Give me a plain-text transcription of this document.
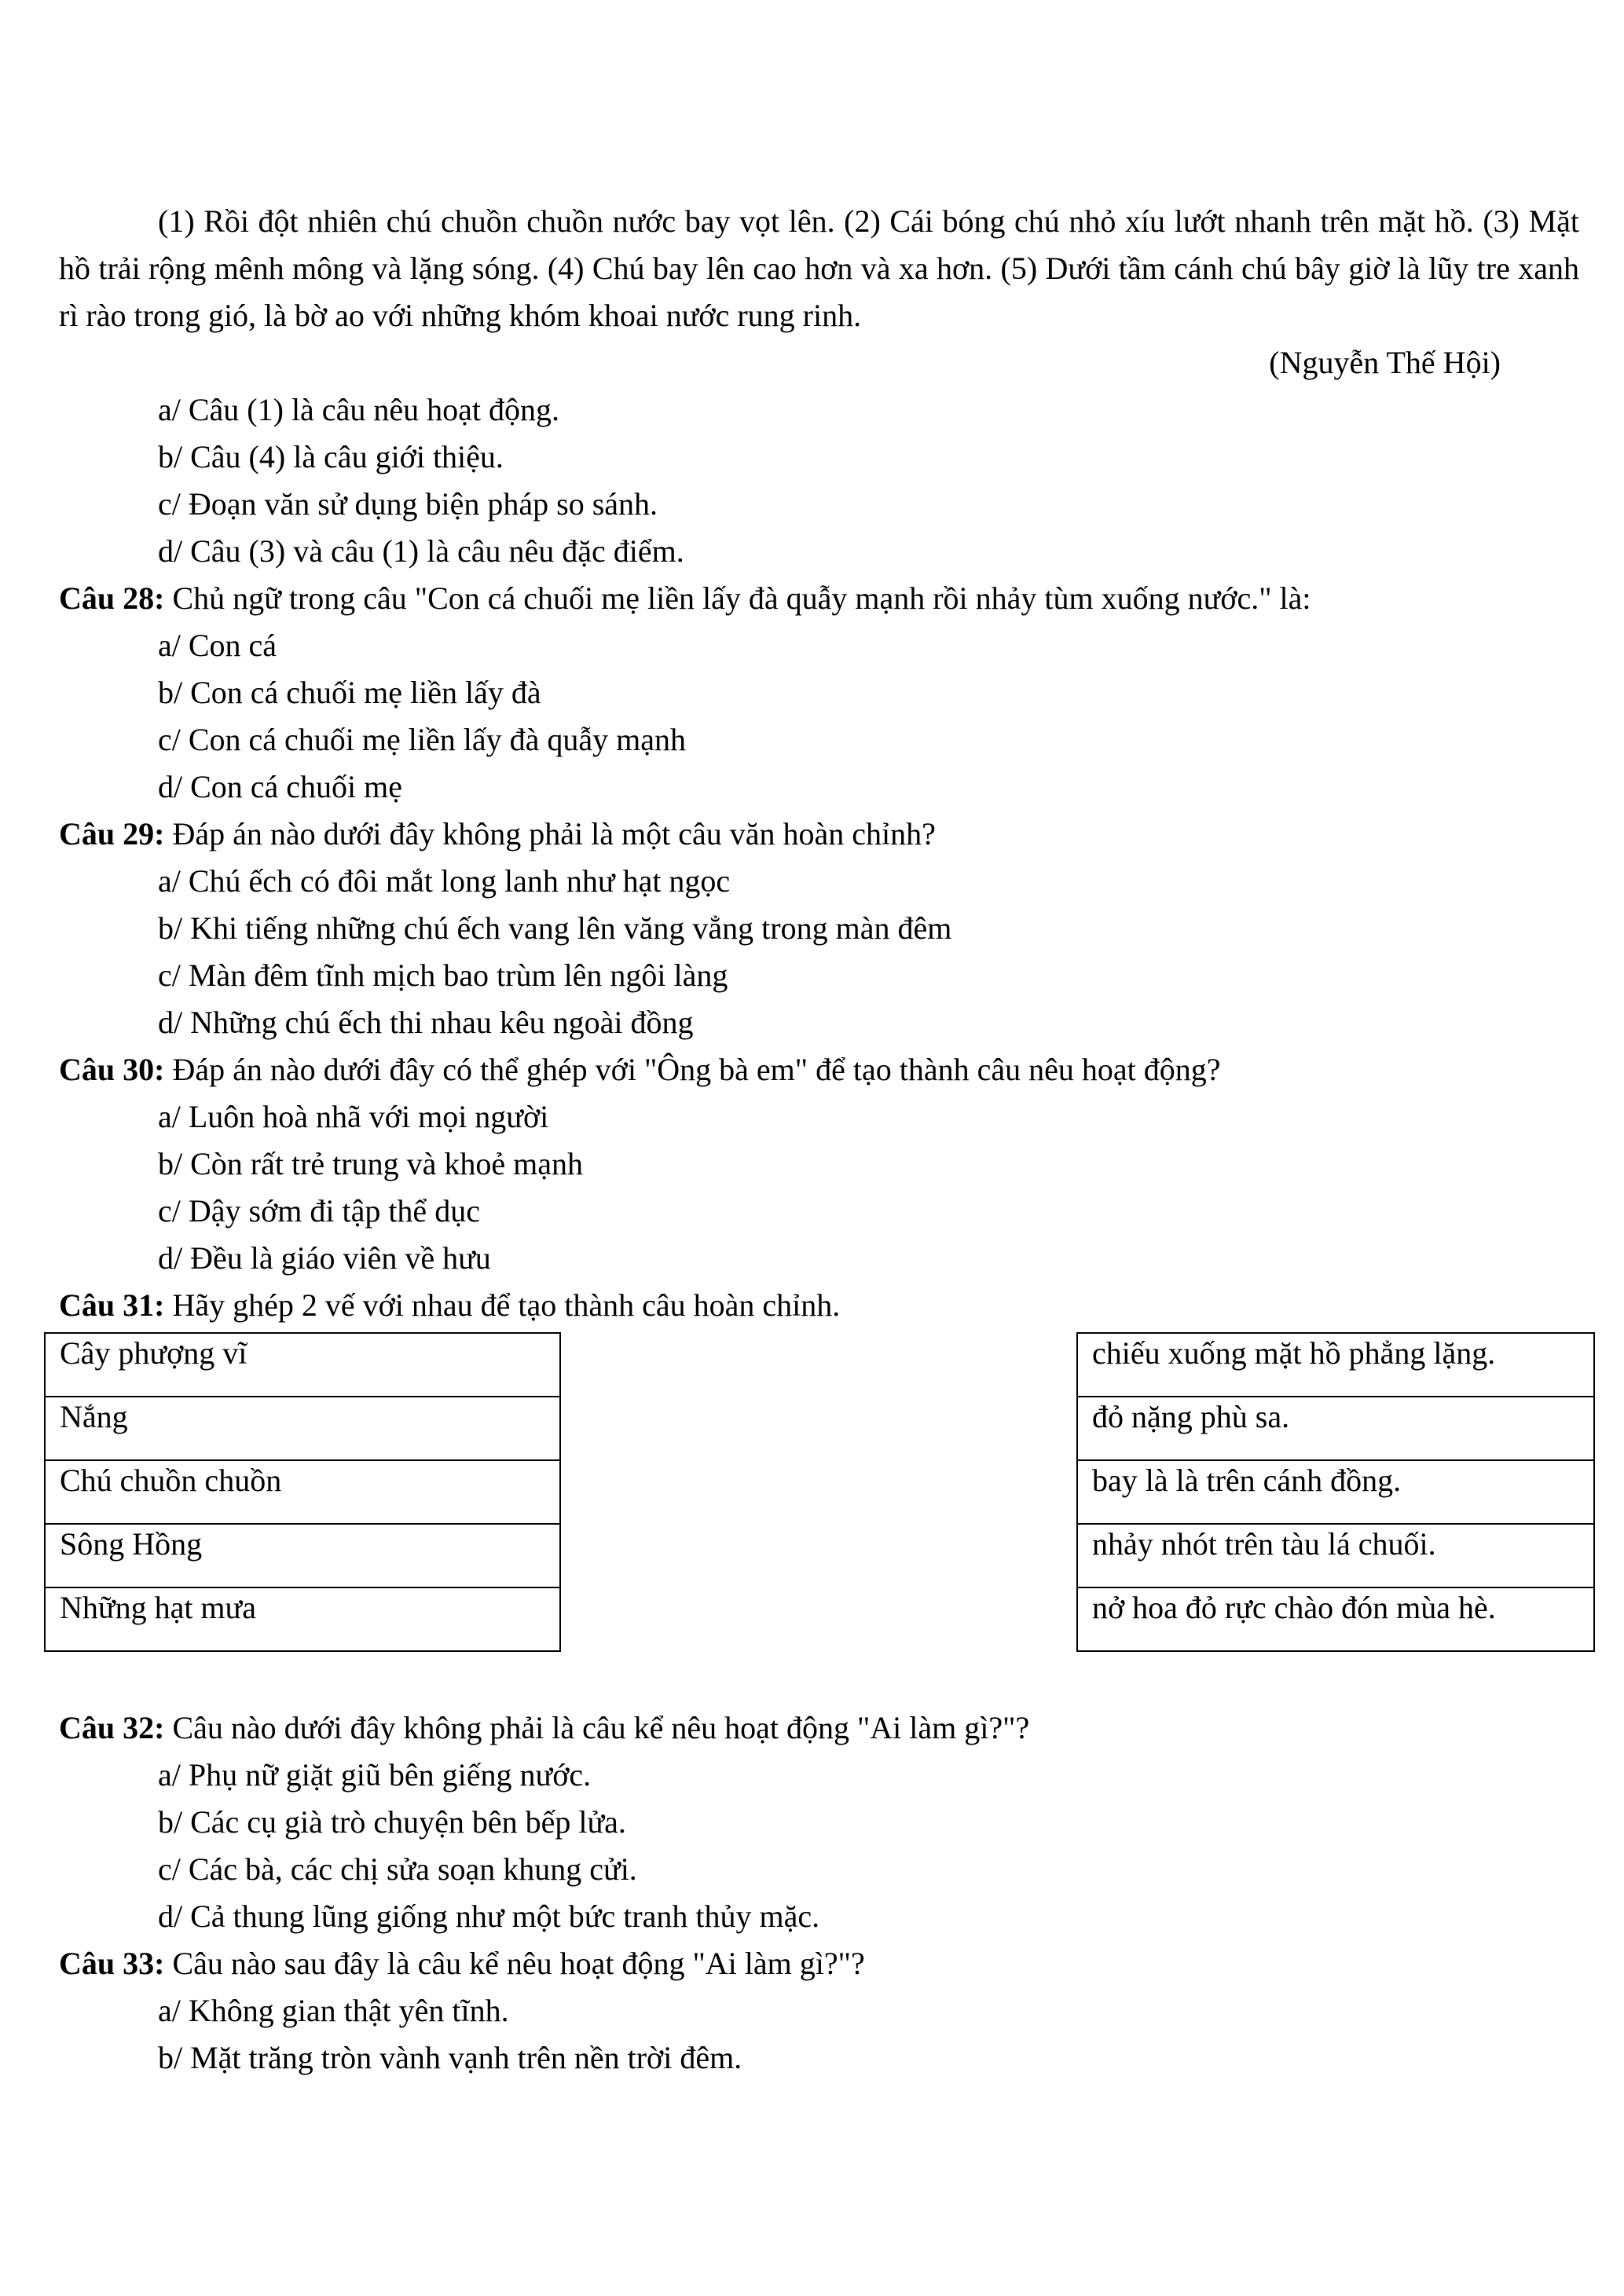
(1) Rồi đột nhiên chú chuồn chuồn nước bay vọt lên. (2) Cái bóng chú nhỏ xíu lướt nhanh trên mặt hồ. (3) Mặt hồ trải rộng mênh mông và lặng sóng. (4) Chú bay lên cao hơn và xa hơn. (5) Dưới tầm cánh chú bây giờ là lũy tre xanh rì rào trong gió, là bờ ao với những khóm khoai nước rung rinh.
(Nguyễn Thế Hội)
a/ Câu (1) là câu nêu hoạt động.
b/ Câu (4) là câu giới thiệu.
c/ Đoạn văn sử dụng biện pháp so sánh.
d/ Câu (3) và câu (1) là câu nêu đặc điểm.
Câu 28: Chủ ngữ trong câu "Con cá chuối mẹ liền lấy đà quẫy mạnh rồi nhảy tùm xuống nước." là:
a/ Con cá
b/ Con cá chuối mẹ liền lấy đà
c/ Con cá chuối mẹ liền lấy đà quẫy mạnh
d/ Con cá chuối mẹ
Câu 29: Đáp án nào dưới đây không phải là một câu văn hoàn chỉnh?
a/ Chú ếch có đôi mắt long lanh như hạt ngọc
b/ Khi tiếng những chú ếch vang lên văng vẳng trong màn đêm
c/ Màn đêm tĩnh mịch bao trùm lên ngôi làng
d/ Những chú ếch thi nhau kêu ngoài đồng
Câu 30: Đáp án nào dưới đây có thể ghép với "Ông bà em" để tạo thành câu nêu hoạt động?
a/ Luôn hoà nhã với mọi người
b/ Còn rất trẻ trung và khoẻ mạnh
c/ Dậy sớm đi tập thể dục
d/ Đều là giáo viên về hưu
Câu 31: Hãy ghép 2 vế với nhau để tạo thành câu hoàn chỉnh.
Cây phượng vĩ
Nắng
Chú chuồn chuồn
Sông Hồng
Những hạt mưa
chiếu xuống mặt hồ phẳng lặng.
đỏ nặng phù sa.
bay là là trên cánh đồng.
nhảy nhót trên tàu lá chuối.
nở hoa đỏ rực chào đón mùa hè.
Câu 32: Câu nào dưới đây không phải là câu kể nêu hoạt động "Ai làm gì?"?
a/ Phụ nữ giặt giũ bên giếng nước.
b/ Các cụ già trò chuyện bên bếp lửa.
c/ Các bà, các chị sửa soạn khung cửi.
d/ Cả thung lũng giống như một bức tranh thủy mặc.
Câu 33: Câu nào sau đây là câu kể nêu hoạt động "Ai làm gì?"?
a/ Không gian thật yên tĩnh.
b/ Mặt trăng tròn vành vạnh trên nền trời đêm.
